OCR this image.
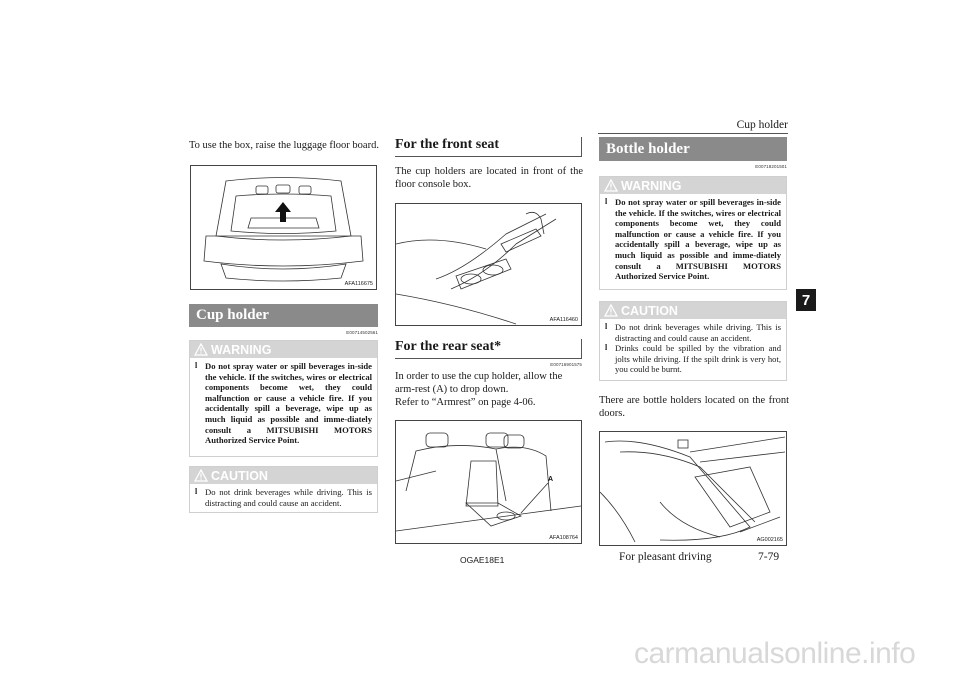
Cup holder
7
To use the box, raise the luggage floor board.
AFA116675
Cup holder
E00714502561
WARNING
l Do not spray water or spill beverages in-side the vehicle. If the switches, wires or electrical components become wet, they could malfunction or cause a vehicle fire. If you accidentally spill a beverage, wipe up as much liquid as possible and imme-diately consult a MITSUBISHI MOTORS Authorized Service Point.
CAUTION
l Do not drink beverages while driving. This is distracting and could cause an accident.
For the front seat
The cup holders are located in front of the floor console box.
AFA116460
For the rear seat*
E00716901575
In order to use the cup holder, allow the arm-rest (A) to drop down.
Refer to “Armrest” on page 4-06.
A
AFA108764
Bottle holder
E00718201501
WARNING
l Do not spray water or spill beverages in-side the vehicle. If the switches, wires or electrical components become wet, they could malfunction or cause a vehicle fire. If you accidentally spill a beverage, wipe up as much liquid as possible and imme-diately consult a MITSUBISHI MOTORS Authorized Service Point.
CAUTION
l Do not drink beverages while driving. This is distracting and could cause an accident.
l Drinks could be spilled by the vibration and jolts while driving. If the spilt drink is very hot, you could be burnt.
There are bottle holders located on the front doors.
AG002165
OGAE18E1	For pleasant driving	7-79
carmanualsonline.info
